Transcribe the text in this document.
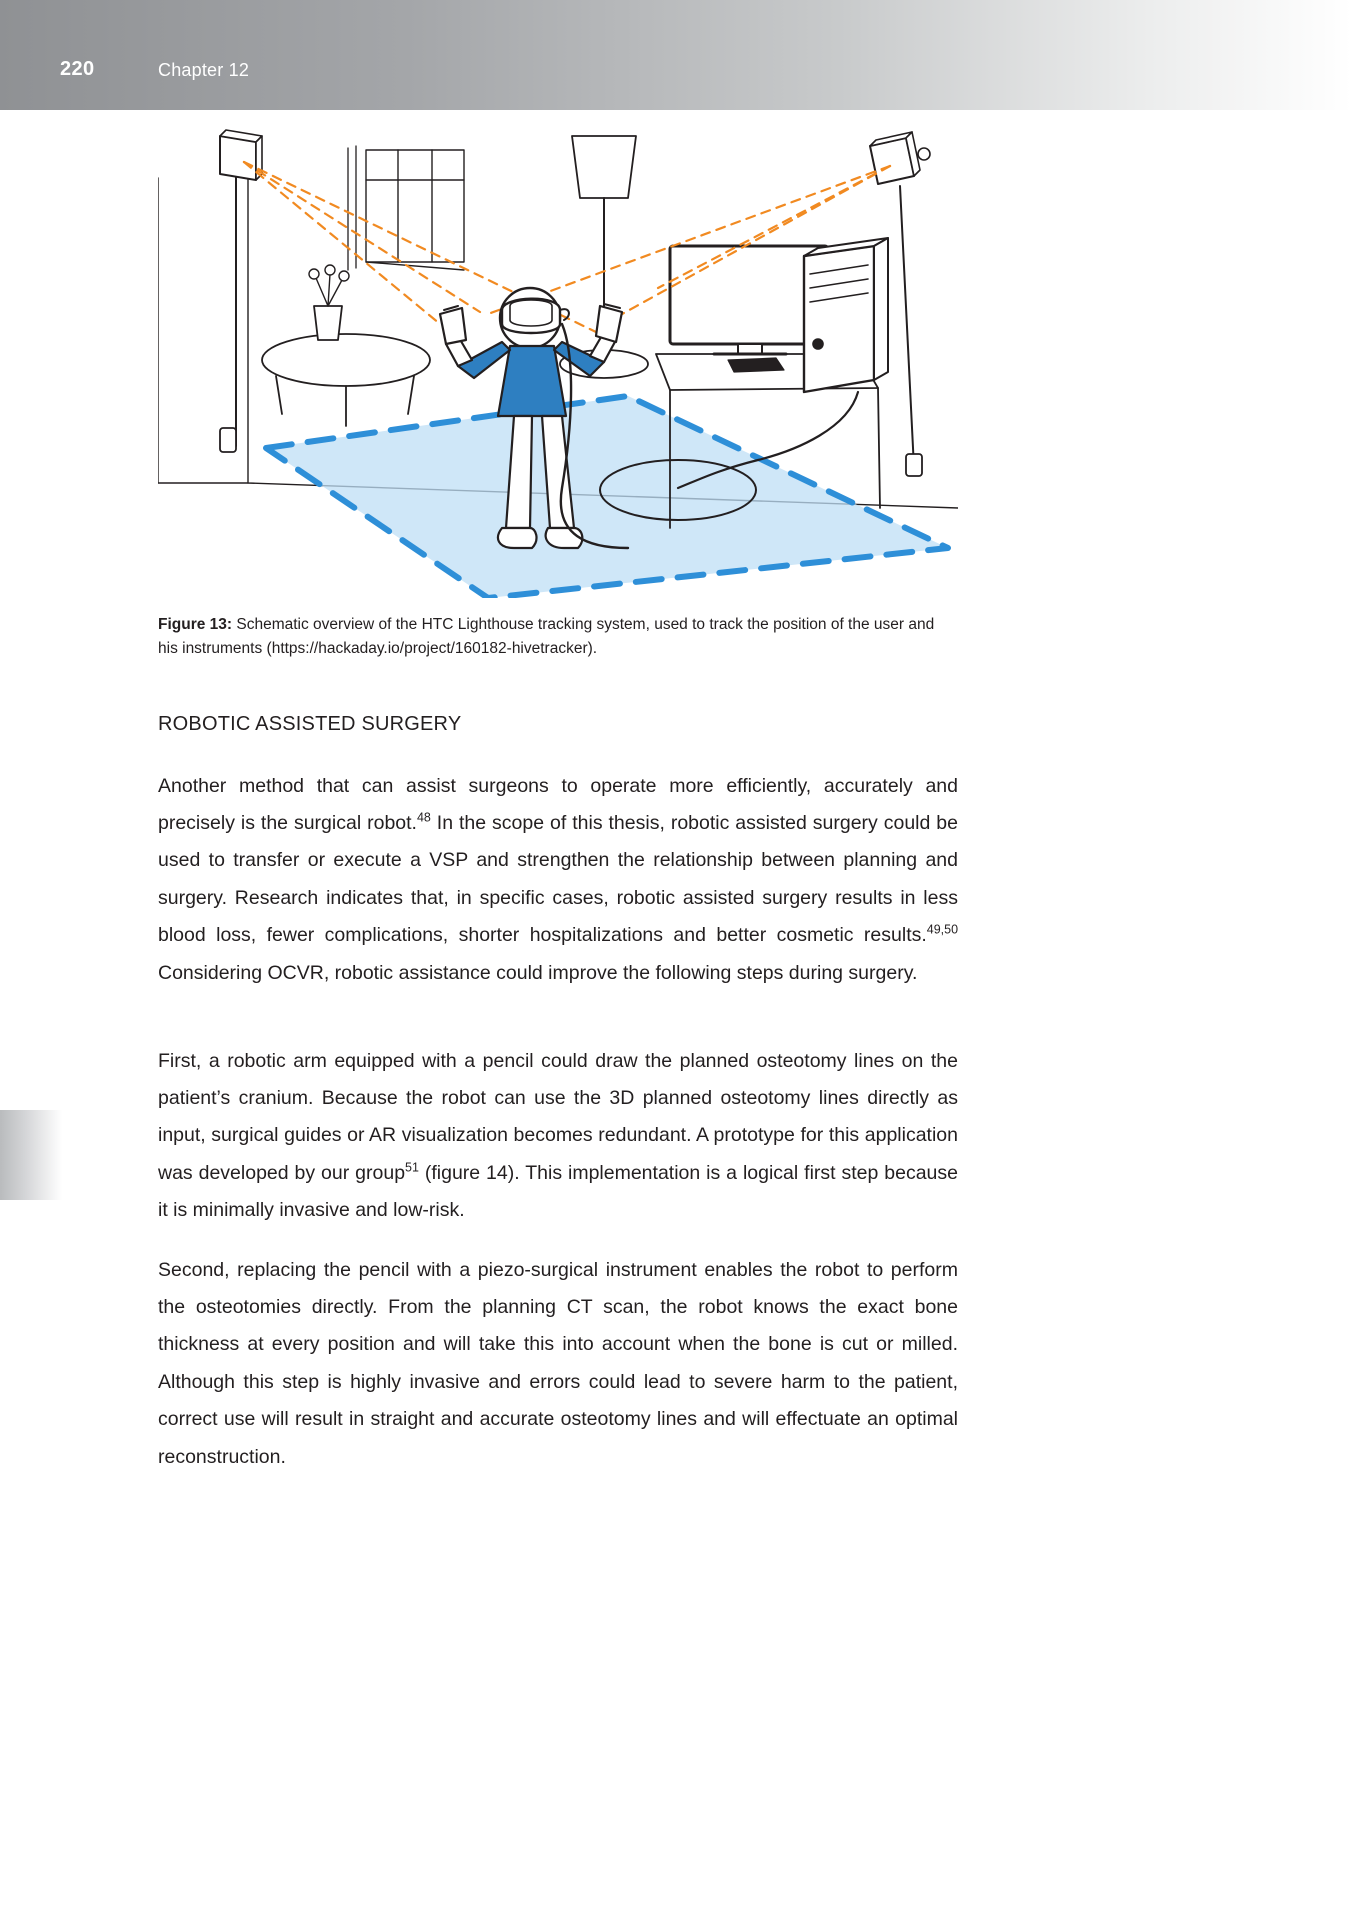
220	Chapter 12
Figure 13: Schematic overview of the HTC Lighthouse tracking system, used to track the position of the user and his instruments (https://hackaday.io/project/160182-hivetracker).
ROBOTIC ASSISTED SURGERY

Another method that can assist surgeons to operate more efficiently, accurately and precisely is the surgical robot.$^{48}$ In the scope of this thesis, robotic assisted surgery could be used to transfer or execute a VSP and strengthen the relationship between planning and surgery. Research indicates that, in specific cases, robotic assisted surgery results in less blood loss, fewer complications, shorter hospitalizations and better cosmetic results.$^{49,50}$ Considering OCVR, robotic assistance could improve the following steps during surgery.

First, a robotic arm equipped with a pencil could draw the planned osteotomy lines on the patient’s cranium. Because the robot can use the 3D planned osteotomy lines directly as input, surgical guides or AR visualization becomes redundant. A prototype for this application was developed by our group$^{51}$ (figure 14). This implementation is a logical first step because it is minimally invasive and low-risk.

Second, replacing the pencil with a piezo-surgical instrument enables the robot to perform the osteotomies directly. From the planning CT scan, the robot knows the exact bone thickness at every position and will take this into account when the bone is cut or milled. Although this step is highly invasive and errors could lead to severe harm to the patient, correct use will result in straight and accurate osteotomy lines and will effectuate an optimal reconstruction.
